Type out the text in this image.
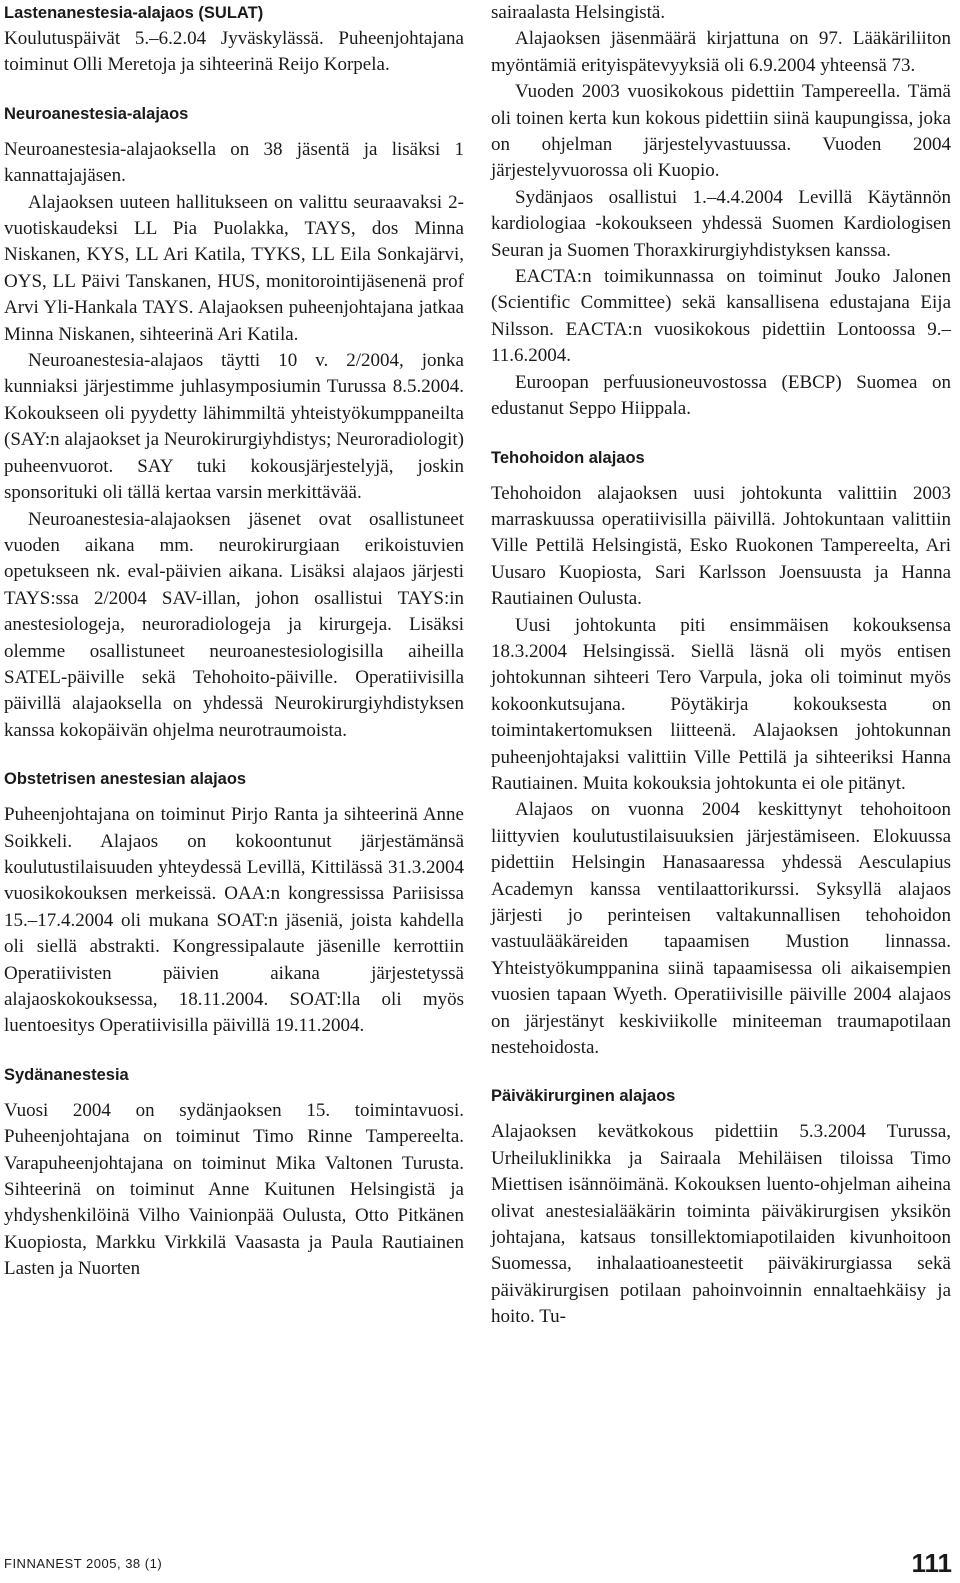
Lastenanestesia-alajaos (SULAT)

Koulutuspäivät 5.–6.2.04 Jyväskylässä. Puheenjohtajana toiminut Olli Meretoja ja sihteerinä Reijo Korpela.

Neuroanestesia-alajaos

Neuroanestesia-alajaoksella on 38 jäsentä ja lisäksi 1 kannattajajäsen.

Alajaoksen uuteen hallitukseen on valittu seuraavaksi 2-vuotiskaudeksi LL Pia Puolakka, TAYS, dos Minna Niskanen, KYS, LL Ari Katila, TYKS, LL Eila Sonkajärvi, OYS, LL Päivi Tanskanen, HUS, monitorointijäsenenä prof Arvi Yli-Hankala TAYS. Alajaoksen puheenjohtajana jatkaa Minna Niskanen, sihteerinä Ari Katila.

Neuroanestesia-alajaos täytti 10 v. 2/2004, jonka kunniaksi järjestimme juhlasymposiumin Turussa 8.5.2004. Kokoukseen oli pyydetty lähimmiltä yhteistyökumppaneilta (SAY:n alajaokset ja Neurokirurgiyhdistys; Neuroradiologit) puheenvuorot. SAY tuki kokousjärjestelyjä, joskin sponsorituki oli tällä kertaa varsin merkittävää.

Neuroanestesia-alajaoksen jäsenet ovat osallistuneet vuoden aikana mm. neurokirurgiaan erikoistuvien opetukseen nk. eval-päivien aikana. Lisäksi alajaos järjesti TAYS:ssa 2/2004 SAV-illan, johon osallistui TAYS:in anestesiologeja, neuroradiologeja ja kirurgeja. Lisäksi olemme osallistuneet neuroanestesiologisilla aiheilla SATEL-päiville sekä Tehohoito-päiville. Operatiivisilla päivillä alajaoksella on yhdessä Neurokirurgiyhdistyksen kanssa kokopäivän ohjelma neurotraumoista.

Obstetrisen anestesian alajaos

Puheenjohtajana on toiminut Pirjo Ranta ja sihteerinä Anne Soikkeli. Alajaos on kokoontunut järjestämänsä koulutustilaisuuden yhteydessä Levillä, Kittilässä 31.3.2004 vuosikokouksen merkeissä. OAA:n kongressissa Pariisissa 15.–17.4.2004 oli mukana SOAT:n jäseniä, joista kahdella oli siellä abstrakti. Kongressipalaute jäsenille kerrottiin Operatiivisten päivien aikana järjestetyssä alajaoskokouksessa, 18.11.2004. SOAT:lla oli myös luentoesitys Operatiivisilla päivillä 19.11.2004.

Sydänanestesia

Vuosi 2004 on sydänjaoksen 15. toimintavuosi. Puheenjohtajana on toiminut Timo Rinne Tampereelta. Varapuheenjohtajana on toiminut Mika Valtonen Turusta. Sihteerinä on toiminut Anne Kuitunen Helsingistä ja yhdyshenkilöinä Vilho Vainionpää Oulusta, Otto Pitkänen Kuopiosta, Markku Virkkilä Vaasasta ja Paula Rautiainen Lasten ja Nuorten

sairaalasta Helsingistä.

Alajaoksen jäsenmäärä kirjattuna on 97. Lääkäriliiton myöntämiä erityispätevyyksiä oli 6.9.2004 yhteensä 73.

Vuoden 2003 vuosikokous pidettiin Tampereella. Tämä oli toinen kerta kun kokous pidettiin siinä kaupungissa, joka on ohjelman järjestelyvastuussa. Vuoden 2004 järjestelyvuorossa oli Kuopio.

Sydänjaos osallistui 1.–4.4.2004 Levillä Käytännön kardiologiaa -kokoukseen yhdessä Suomen Kardiologisen Seuran ja Suomen Thoraxkirurgiyhdistyksen kanssa.

EACTA:n toimikunnassa on toiminut Jouko Jalonen (Scientific Committee) sekä kansallisena edustajana Eija Nilsson. EACTA:n vuosikokous pidettiin Lontoossa 9.–11.6.2004.

Euroopan perfuusioneuvostossa (EBCP) Suomea on edustanut Seppo Hiippala.

Tehohoidon alajaos

Tehohoidon alajaoksen uusi johtokunta valittiin 2003 marraskuussa operatiivisilla päivillä. Johtokuntaan valittiin Ville Pettilä Helsingistä, Esko Ruokonen Tampereelta, Ari Uusaro Kuopiosta, Sari Karlsson Joensuusta ja Hanna Rautiainen Oulusta.

Uusi johtokunta piti ensimmäisen kokouksensa 18.3.2004 Helsingissä. Siellä läsnä oli myös entisen johtokunnan sihteeri Tero Varpula, joka oli toiminut myös kokoonkutsujana. Pöytäkirja kokouksesta on toimintakertomuksen liitteenä. Alajaoksen johtokunnan puheenjohtajaksi valittiin Ville Pettilä ja sihteeriksi Hanna Rautiainen. Muita kokouksia johtokunta ei ole pitänyt.

Alajaos on vuonna 2004 keskittynyt tehohoitoon liittyvien koulutustilaisuuksien järjestämiseen. Elokuussa pidettiin Helsingin Hanasaaressa yhdessä Aesculapius Academyn kanssa ventilaattorikurssi. Syksyllä alajaos järjesti jo perinteisen valtakunnallisen tehohoidon vastuulääkäreiden tapaamisen Mustion linnassa. Yhteistyökumppanina siinä tapaamisessa oli aikaisempien vuosien tapaan Wyeth. Operatiivisille päiville 2004 alajaos on järjestänyt keskiviikolle miniteeman traumapotilaan nestehoidosta.

Päiväkirurginen alajaos

Alajaoksen kevätkokous pidettiin 5.3.2004 Turussa, Urheiluklinikka ja Sairaala Mehiläisen tiloissa Timo Miettisen isännöimänä. Kokouksen luento-ohjelman aiheina olivat anestesialääkärin toiminta päiväkirurgisen yksikön johtajana, katsaus tonsillektomiapotilaiden kivunhoitoon Suomessa, inhalaatioanesteetit päiväkirurgiassa sekä päiväkirurgisen potilaan pahoinvoinnin ennaltaehkäisy ja hoito. Tu-

FINNANEST 2005, 38 (1)	111
